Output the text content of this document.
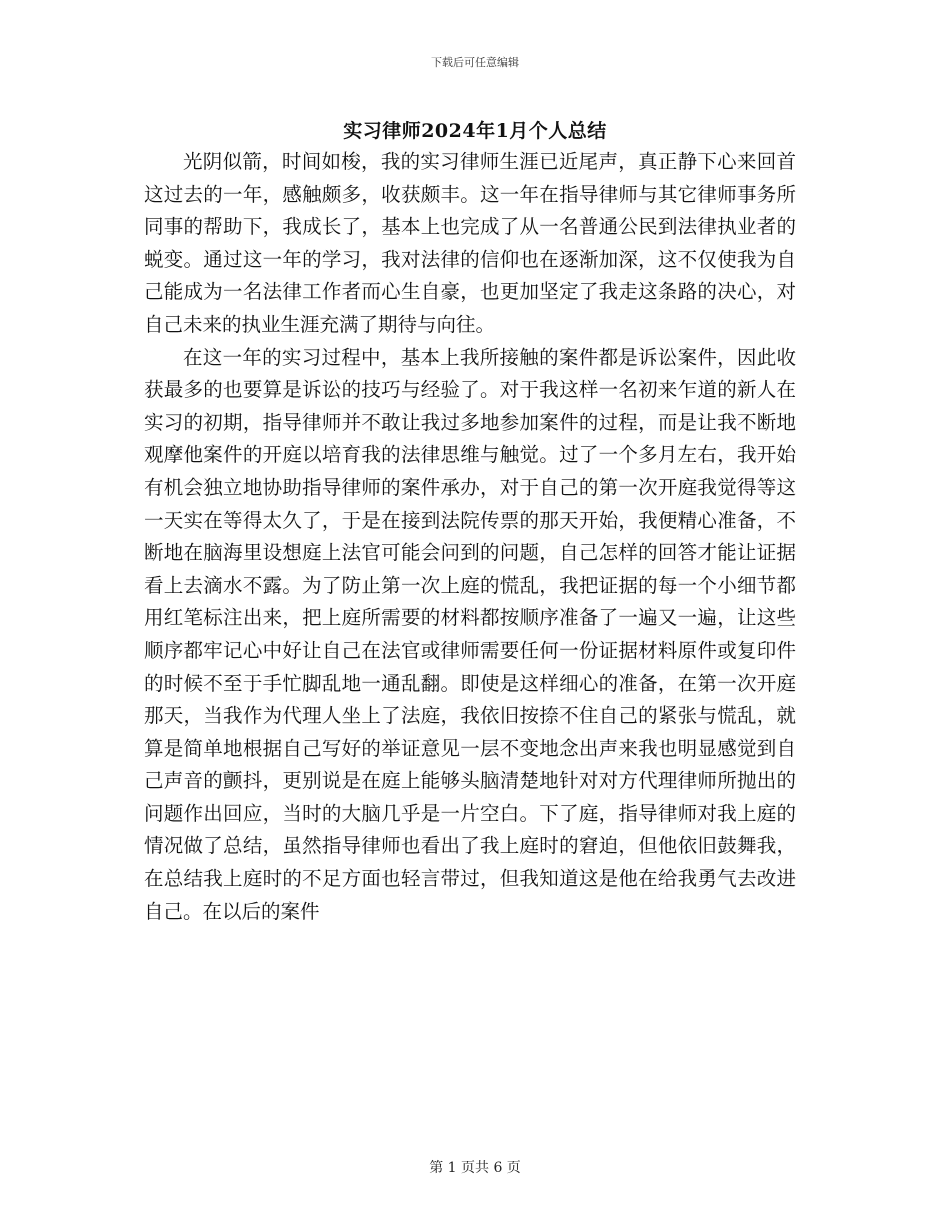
下载后可任意编辑
实习律师2024年1月个人总结

光阴似箭，时间如梭，我的实习律师生涯已近尾声，真正静下心来回首这过去的一年，感触颇多，收获颇丰。这一年在指导律师与其它律师事务所同事的帮助下，我成长了，基本上也完成了从一名普通公民到法律执业者的蜕变。通过这一年的学习，我对法律的信仰也在逐渐加深，这不仅使我为自己能成为一名法律工作者而心生自豪，也更加坚定了我走这条路的决心，对自己未来的执业生涯充满了期待与向往。

在这一年的实习过程中，基本上我所接触的案件都是诉讼案件，因此收获最多的也要算是诉讼的技巧与经验了。对于我这样一名初来乍道的新人在实习的初期，指导律师并不敢让我过多地参加案件的过程，而是让我不断地观摩他案件的开庭以培育我的法律思维与触觉。过了一个多月左右，我开始有机会独立地协助指导律师的案件承办，对于自己的第一次开庭我觉得等这一天实在等得太久了，于是在接到法院传票的那天开始，我便精心准备，不断地在脑海里设想庭上法官可能会问到的问题，自己怎样的回答才能让证据看上去滴水不露。为了防止第一次上庭的慌乱，我把证据的每一个小细节都用红笔标注出来，把上庭所需要的材料都按顺序准备了一遍又一遍，让这些顺序都牢记心中好让自己在法官或律师需要任何一份证据材料原件或复印件的时候不至于手忙脚乱地一通乱翻。即使是这样细心的准备，在第一次开庭那天，当我作为代理人坐上了法庭，我依旧按捺不住自己的紧张与慌乱，就算是简单地根据自己写好的举证意见一层不变地念出声来我也明显感觉到自己声音的颤抖，更别说是在庭上能够头脑清楚地针对对方代理律师所抛出的问题作出回应，当时的大脑几乎是一片空白。下了庭，指导律师对我上庭的情况做了总结，虽然指导律师也看出了我上庭时的窘迫，但他依旧鼓舞我，在总结我上庭时的不足方面也轻言带过，但我知道这是他在给我勇气去改进自己。在以后的案件

第 1 页共 6 页
